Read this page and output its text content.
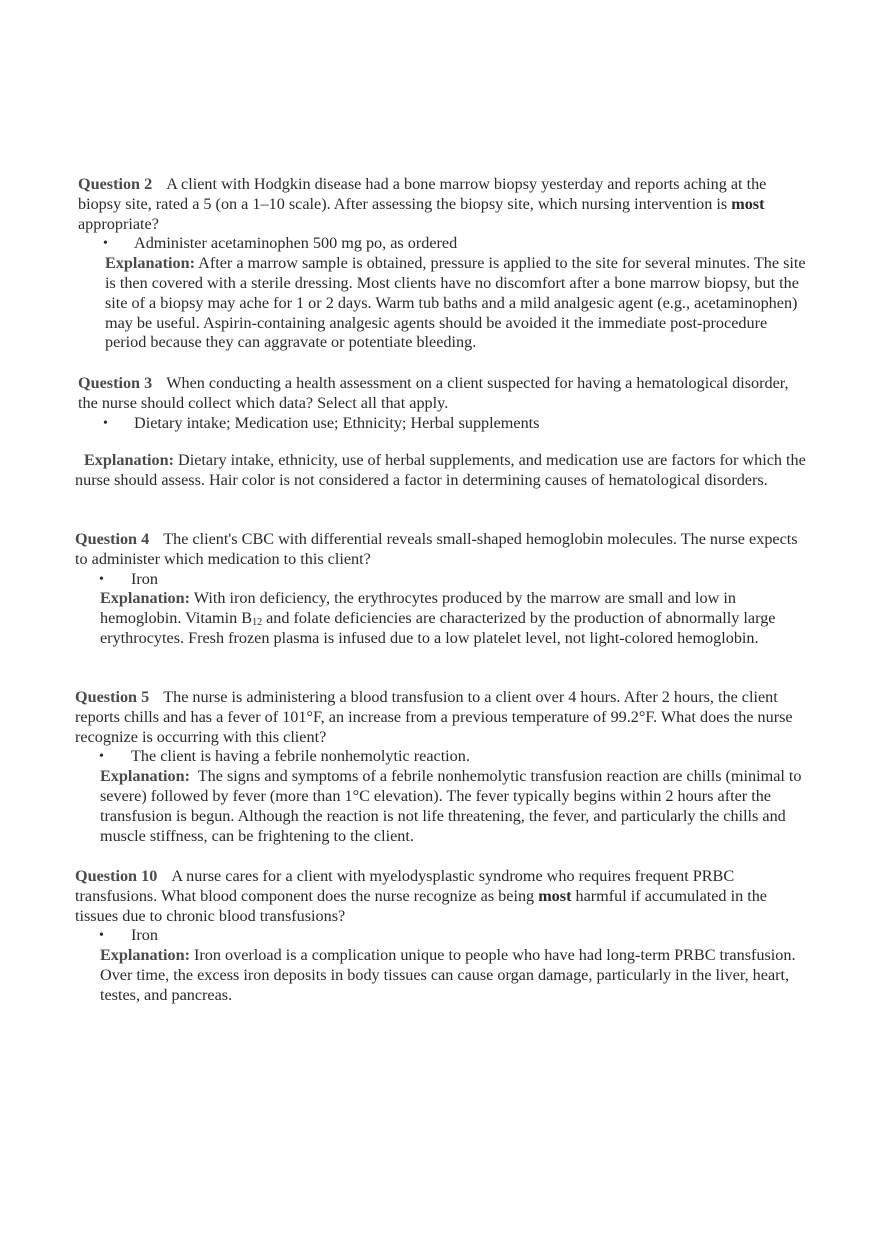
Question 2 A client with Hodgkin disease had a bone marrow biopsy yesterday and reports aching at the biopsy site, rated a 5 (on a 1–10 scale). After assessing the biopsy site, which nursing intervention is most appropriate?

• Administer acetaminophen 500 mg po, as ordered

Explanation: After a marrow sample is obtained, pressure is applied to the site for several minutes. The site is then covered with a sterile dressing. Most clients have no discomfort after a bone marrow biopsy, but the site of a biopsy may ache for 1 or 2 days. Warm tub baths and a mild analgesic agent (e.g., acetaminophen) may be useful. Aspirin-containing analgesic agents should be avoided it the immediate post-procedure period because they can aggravate or potentiate bleeding.

Question 3 When conducting a health assessment on a client suspected for having a hematological disorder, the nurse should collect which data? Select all that apply.

• Dietary intake; Medication use; Ethnicity; Herbal supplements

Explanation: Dietary intake, ethnicity, use of herbal supplements, and medication use are factors for which the nurse should assess. Hair color is not considered a factor in determining causes of hematological disorders.

Question 4 The client's CBC with differential reveals small-shaped hemoglobin molecules. The nurse expects to administer which medication to this client?

• Iron

Explanation: With iron deficiency, the erythrocytes produced by the marrow are small and low in hemoglobin. Vitamin $B_{12}$ and folate deficiencies are characterized by the production of abnormally large erythrocytes. Fresh frozen plasma is infused due to a low platelet level, not light-colored hemoglobin.

Question 5 The nurse is administering a blood transfusion to a client over 4 hours. After 2 hours, the client reports chills and has a fever of 101°F, an increase from a previous temperature of 99.2°F. What does the nurse recognize is occurring with this client?

• The client is having a febrile nonhemolytic reaction.

Explanation: The signs and symptoms of a febrile nonhemolytic transfusion reaction are chills (minimal to severe) followed by fever (more than 1°C elevation). The fever typically begins within 2 hours after the transfusion is begun. Although the reaction is not life threatening, the fever, and particularly the chills and muscle stiffness, can be frightening to the client.

Question 10 A nurse cares for a client with myelodysplastic syndrome who requires frequent PRBC transfusions. What blood component does the nurse recognize as being most harmful if accumulated in the tissues due to chronic blood transfusions?

• Iron

Explanation: Iron overload is a complication unique to people who have had long-term PRBC transfusion. Over time, the excess iron deposits in body tissues can cause organ damage, particularly in the liver, heart, testes, and pancreas.
